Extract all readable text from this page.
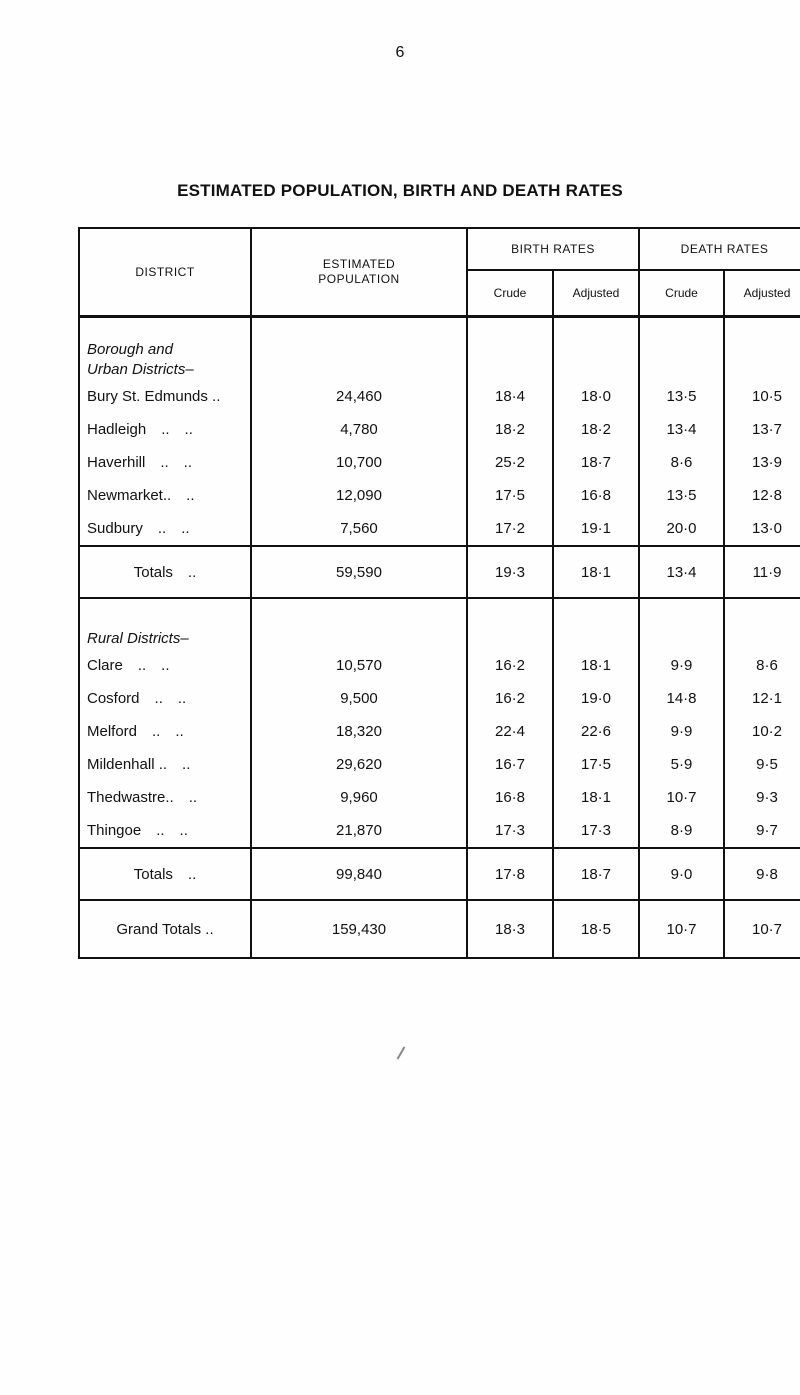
6
ESTIMATED POPULATION, BIRTH AND DEATH RATES
DISTRICT	ESTIMATED POPULATION	BIRTH RATES		DEATH RATES	
		Crude	Adjusted	Crude	Adjusted

Borough and
Urban Districts–					

Bury St. Edmunds ..	24,460	18·4	18·0	13·5	10·5
Hadleigh .. ..	4,780	18·2	18·2	13·4	13·7
Haverhill .. ..	10,700	25·2	18·7	8·6	13·9
Newmarket.. ..	12,090	17·5	16·8	13·5	12·8
Sudbury .. ..	7,560	17·2	19·1	20·0	13·0
Totals ..	59,590	19·3	18·1	13·4	11·9
Rural Districts–					
Clare .. ..	10,570	16·2	18·1	9·9	8·6
Cosford .. ..	9,500	16·2	19·0	14·8	12·1
Melford .. ..	18,320	22·4	22·6	9·9	10·2
Mildenhall .. ..	29,620	16·7	17·5	5·9	9·5
Thedwastre.. ..	9,960	16·8	18·1	10·7	9·3
Thingoe .. ..	21,870	17·3	17·3	8·9	9·7
Totals ..	99,840	17·8	18·7	9·0	9·8
Grand Totals ..	159,430	18·3	18·5	10·7	10·7
